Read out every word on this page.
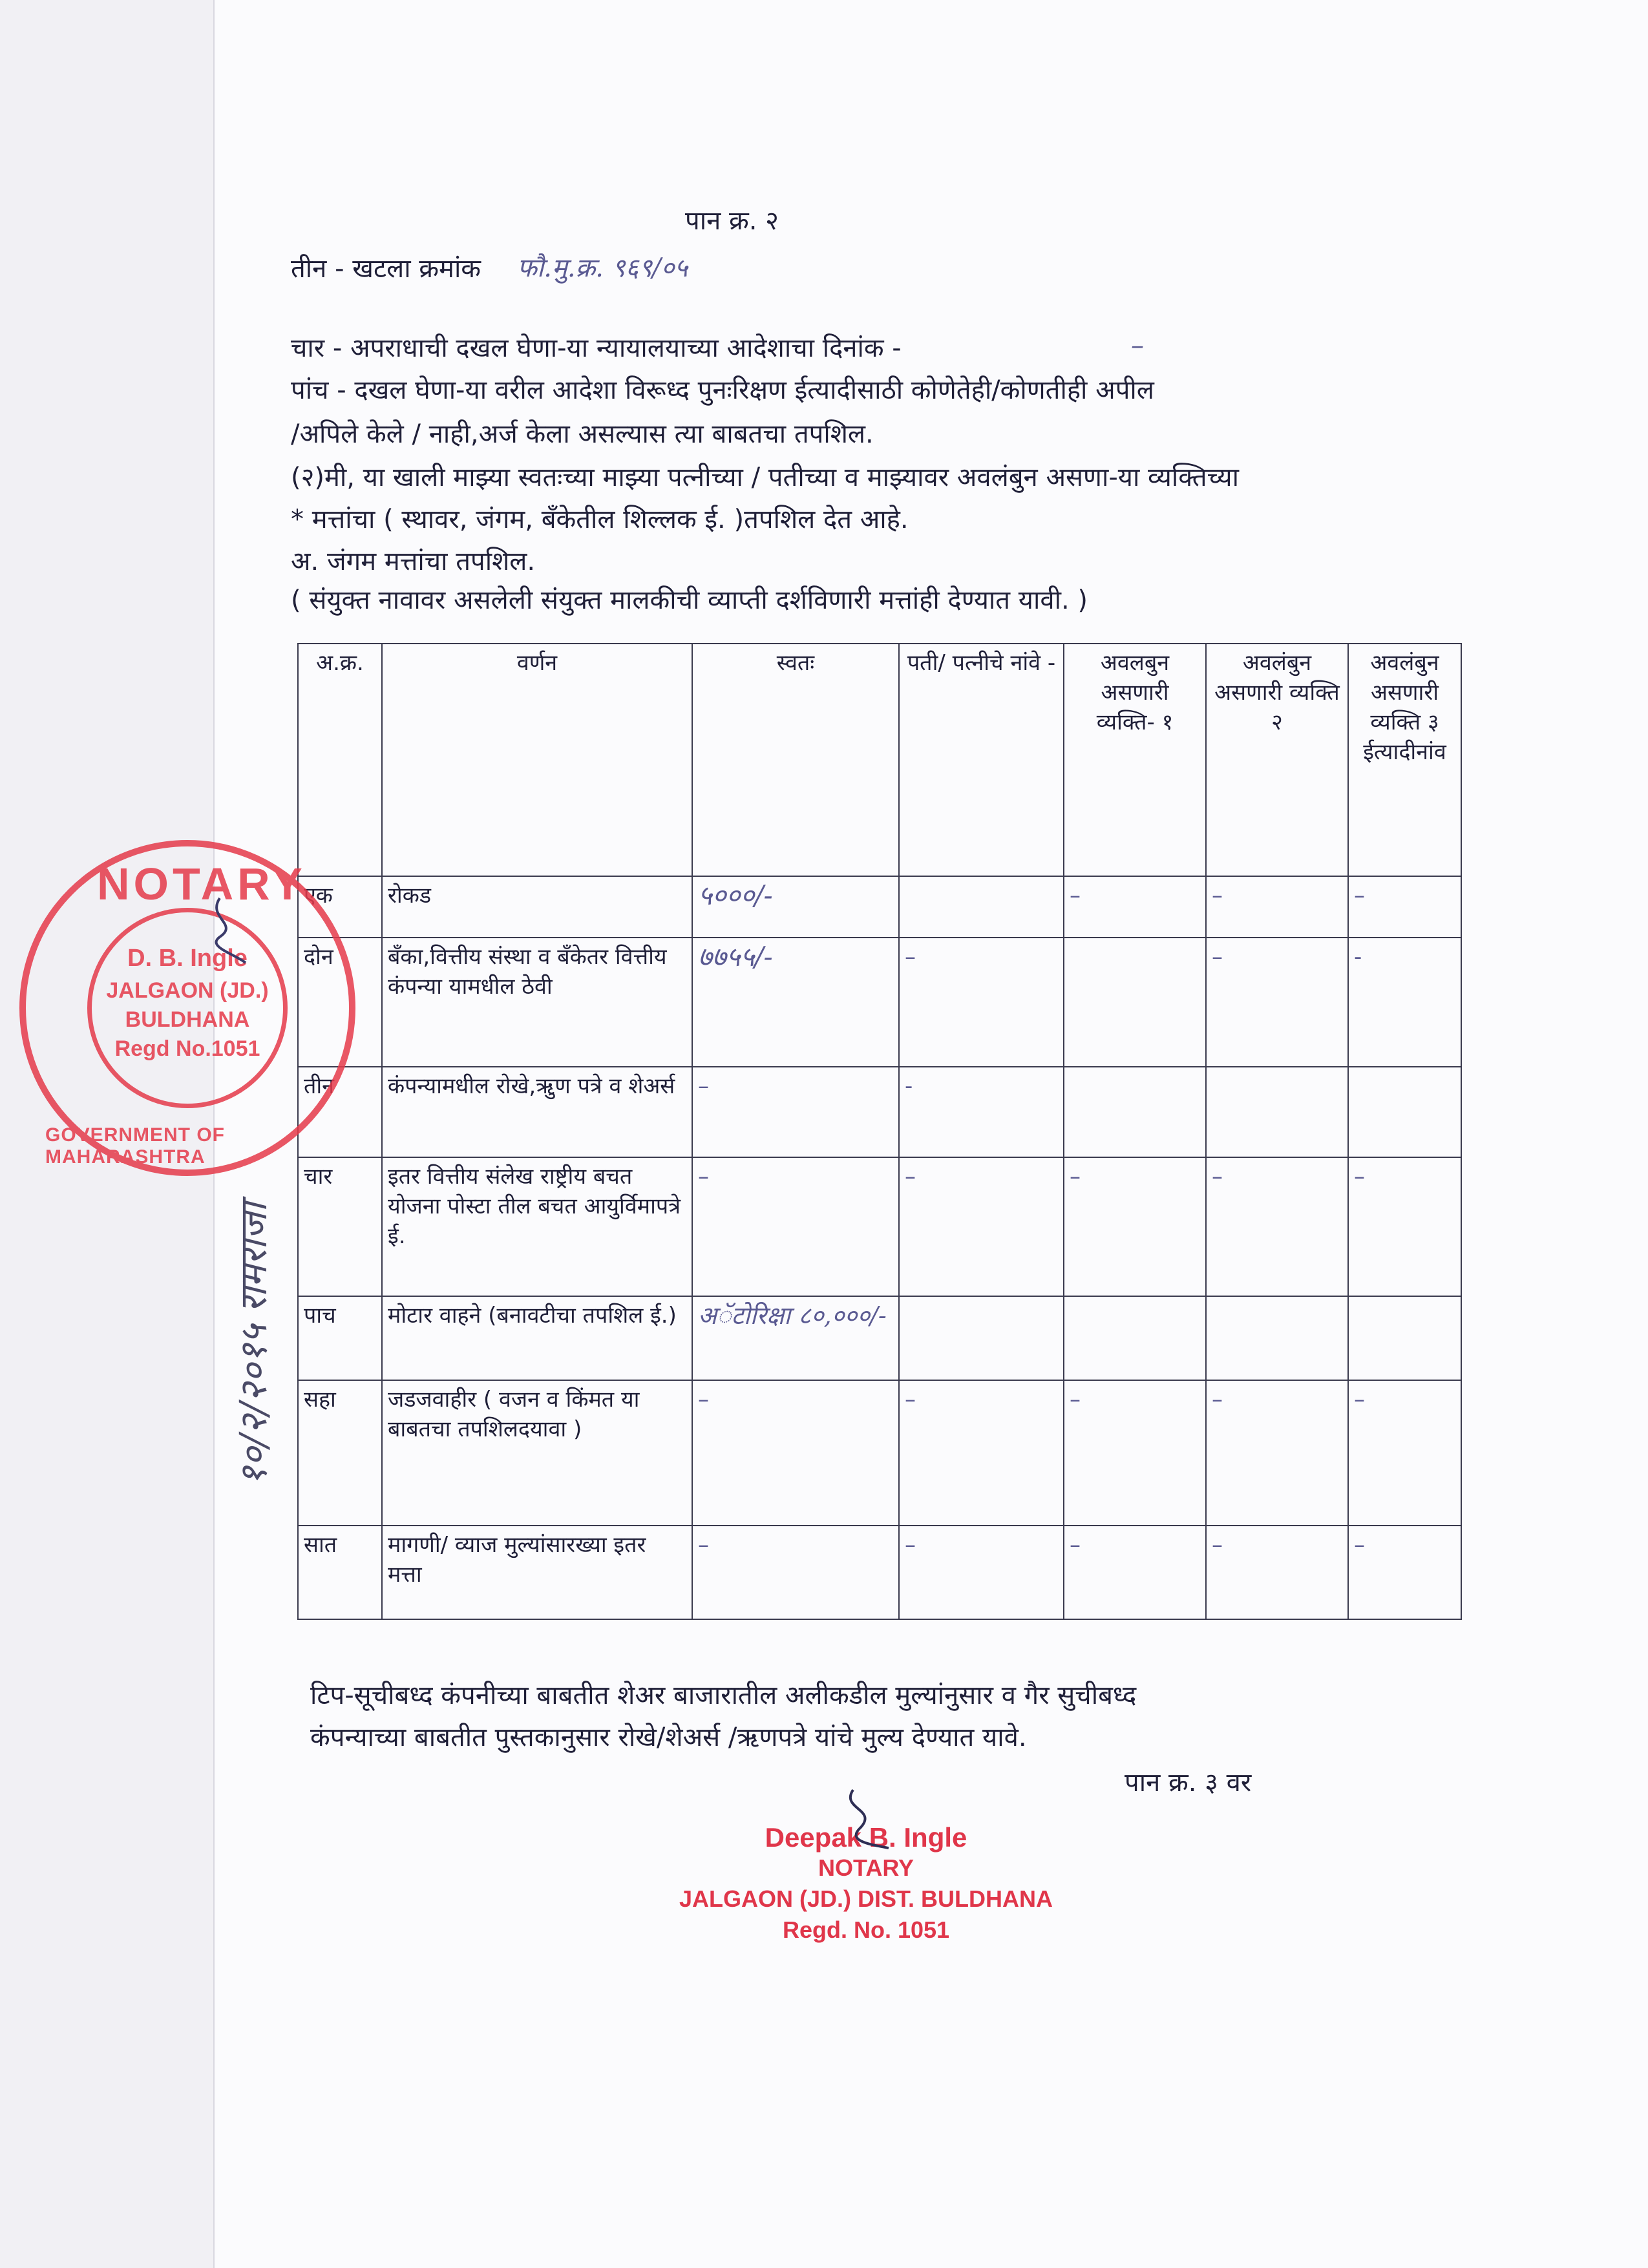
पान क्र. २
तीन - खटला क्रमांक फौ.मु.क्र. ९६९/०५
चार - अपराधाची दखल घेणा-या न्यायालयाच्या आदेशाचा दिनांक -	–
पांच - दखल घेणा-या वरील आदेशा विरूध्द पुनःरिक्षण ईत्यादीसाठी कोणेतेही/कोणतीही अपील
/अपिले केले / नाही,अर्ज केला असल्यास त्या बाबतचा तपशिल.
(२)मी, या खाली माझ्या स्वतःच्या माझ्या पत्नीच्या / पतीच्या व माझ्यावर अवलंबुन असणा-या व्यक्तिच्या
* मत्तांचा ( स्थावर, जंगम, बँकेतील शिल्लक ई. )तपशिल देत आहे.
अ. जंगम मत्तांचा तपशिल.
( संयुक्त नावावर असलेली संयुक्त मालकीची व्याप्ती दर्शविणारी मत्तांही देण्यात यावी. )
अ.क्र.	वर्णन	स्वतः	पती/ पत्नीचे नांवे -	अवलबुन असणारी व्यक्ति- १	अवलंबुन असणारी व्यक्ति २	अवलंबुन असणारी व्यक्ति ३ ईत्यादीनांव
एक	रोकड	५०००/-		–	–	–
दोन	बँका,वित्तीय संस्था व बँकेतर वित्तीय कंपन्या यामधील ठेवी	७७५५/-	–		–	-
तीन	कंपन्यामधील रोखे,ऋुण पत्रे व शेअर्स	–	-			
चार	इतर वित्तीय संलेख राष्ट्रीय बचत योजना पोस्टा तील बचत आयुर्विमापत्रे ई.	–	–	–	–	–
पाच	मोटार वाहने (बनावटीचा तपशिल ई.)	अॅटोरिक्षा ८०,०००/-				
सहा	जडजवाहीर ( वजन व किंमत या बाबतचा तपशिलदयावा )	–	–	–	–	–
सात	मागणी/ व्याज मुल्यांसारख्या इतर मत्ता	–	–	–	–	–
टिप-सूचीबध्द कंपनीच्या बाबतीत शेअर बाजारातील अलीकडील मुल्यांनुसार व गैर सुचीबध्द
कंपन्याच्या बाबतीत पुस्तकानुसार रोखे/शेअर्स /ऋणपत्रे यांचे मुल्य देण्यात यावे.
पान क्र. ३ वर
NOTARY
GOVERNMENT OF MAHARASHTRA
D. B. Ingle
JALGAON (JD.)
BULDHANA
Regd No.1051
१०/२/२०१५ रामराजा
Deepak B. Ingle
NOTARY
JALGAON (JD.) DIST. BULDHANA
Regd. No. 1051
